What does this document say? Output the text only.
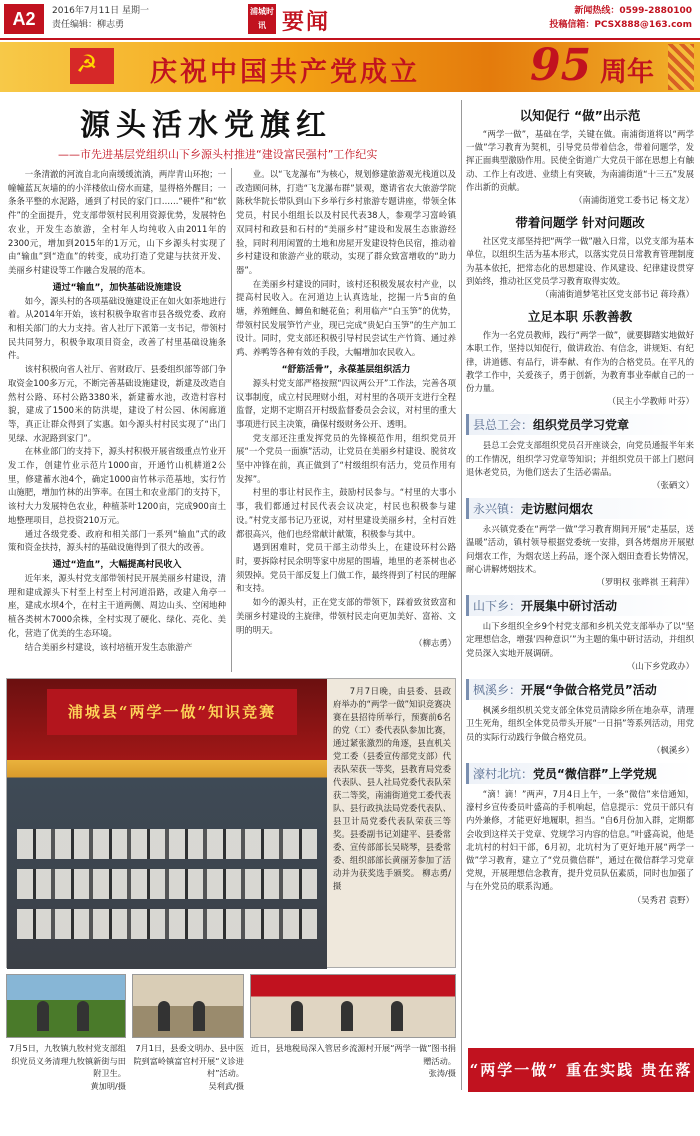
A2	2016年7月11日 星期一
责任编辑：柳志勇
浦城时讯 要闻	新闻热线：0599-2880100
投稿信箱：PCSX888@163.com
☭
庆祝中国共产党成立	95 周年
源头活水党旗红
——市先进基层党组织山下乡源头村推进“建设富民强村”工作纪实

一条清澈的河流自北向南缓缓流淌，两岸青山环抱；一幢幢蓝瓦灰墙的的小洋楼依山傍水而建，显得格外醒目；一条条平整的水泥路，通到了村民的家门口……“硬件”和“软件”的全面提升，党支部带领村民利用资源优势，发展特色农业，开发生态旅游，全村年人均纯收入由2011年的2300元，增加到2015年的1万元，山下乡源头村实现了由“输血”到“造血”的转变，成功打造了党建与扶贫开发、美丽乡村建设等工作融合发展的范本。

通过“输血”，加快基础设施建设

如今，源头村的各项基础设施建设正在如火如荼地进行着。从2014年开始，该村积极争取省市县各级党委、政府和相关部门的大力支持。省人社厅下派第一支书记，带领村民共同努力，积极争取项目资金，改善了村里基础设施条件。

该村积极向省人社厅、省财政厅、县委组织部等部门争取资金100多万元，不断完善基础设施建设，新建及改造自然村公路、环村公路3380米，新建蓄水池，改造村容村貌，建成了1500米的防洪堤，建设了村公园、休闲廊道等，真正让群众得到了实惠。如今源头村村民实现了“出门见绿、水泥路到家门”。

在林业部门的支持下，源头村积极开展省级重点竹业开发工作，创建竹业示范片1000亩，开通竹山机耕道2公里，修建蓄水池4个，确定1000亩竹林示范基地，实行竹山施肥，增加竹林的出笋率。在国土和农业部门的支持下，该村大力发展特色农业，种植茶叶1200亩，完成900亩土地整理项目，总投资210万元。

通过各级党委、政府和相关部门一系列“输血”式的政策和资金扶持，源头村的基础设施得到了很大的改善。

通过“造血”，大幅提高村民收入

近年来，源头村党支部带领村民开展美丽乡村建设，清理和建成源头下村至上村至上村河道沿路，改建入角亭一座，建成水坝4个，在村主干道两侧、周边山头、空闲地种植各类树木7000余株，全村实现了硬化、绿化、亮化、美化，营造了优美的生态环境。

结合美丽乡村建设，该村培植开发生态旅游产

业。以“飞龙瀑布”为核心，规划修建旅游观光栈道以及改造顾问林，打造“飞龙瀑布群”景观，邀请省农大旅游学院陈秋华院长带队到山下乡举行乡村旅游专题讲座，带领全体党员，村民小组组长以及村民代表38人，参观学习富岭镇双同村和政县和石村的“美丽乡村”建设和发展生态旅游经验，同时利用闲置的土地和房屋开发建设特色民宿，推动着乡村建设和旅游产业的联动，实现了群众致富增收的“助力器”。

在美丽乡村建设的同时，该村还积极发展农村产业，以提高村民收入。在河道边上认真选址，挖掘一片5亩的鱼塘，养殖鲤鱼、鲫鱼和鲢花鱼；利用临产“白玉笋”的优势，带领村民发展笋竹产业，现已完成“贵妃白玉笋”的生产加工设计。同时，党支部还积极引导村民尝试生产竹筒、通过养鸡、养鸭等各种有效的手段，大幅增加农民收入。

“舒筋活骨”，永葆基层组织活力

源头村党支部严格按照“四议两公开”工作法，完善各项议事制度，成立村民理财小组，对村里的各项开支进行全程监督，定期不定期召开村级监督委员会会议，对村里的重大事项进行民主决策，确保村级财务公开、透明。

党支部还注重发挥党员的先锋模范作用，组织党员开展“一个党员一面旗”活动，让党员在美丽乡村建设、脱贫攻坚中冲锋在前，真正做到了“村级组织有活力，党员作用有发挥”。

村里的事让村民作主，鼓励村民参与。“村里的大事小事，我们都通过村民代表会议决定，村民也积极参与建设。”村党支部书记乃亚说，对村里建设美丽乡村，全村百姓都很高兴，他们也经常献计献策，积极参与其中。

遇到困难时，党员干部主动带头上，在建设环村公路时，要拆除村民余明等家中房屋的围墙，地里的老茶树也必须毁掉。党员干部反复上门做工作，最终得到了村民的理解和支持。

如今的源头村，正在党支部的带领下，踩着致贫致富和美丽乡村建设的主旋律，带领村民走向更加美好、富裕、文明的明天。

（柳志勇）
浦城县“两学一做”知识竞赛
7月7日晚，由县委、县政府举办的“两学一做”知识竞赛决赛在县招待所举行，预赛前6名的党（工）委代表队参加比赛，通过紧张激烈的角逐，县直机关党工委（县委宣传部党支部）代表队荣获一等奖，县教育局党委代表队、县人社局党委代表队荣获二等奖，南浦街道党工委代表队、县行政执法局党委代表队、县卫计局党委代表队荣获三等奖。县委副书记刘建平、县委常委、宣传部部长吴晓琴，县委常委、组织部部长黄丽芳参加了活动并为获奖选手颁奖。 柳志勇/摄
7月5日，九牧镇九牧村党支部组织党员义务清理九牧镇新街与田附卫生。
黄加明/摄
7月1日，县委文明办、县中医院到富岭镇富官村开展“义诊进村”活动。
吴利武/摄
近日，县地税局深入管居乡流源村开展“两学一做”图书捐赠活动。
张涛/摄
以知促行 “做”出示范
“两学一做”，基础在学，关键在做。南浦街道将以“两学一做”学习教育为契机，引导党员带着信念，带着问题学，发挥正面典型激励作用。民使全街道广大党员干部在思想上有触动、工作上有改进、业绩上有突破，为南浦街道“十三五”发展作出新的贡献。
（南浦街道党工委书记 杨文龙）
带着问题学 针对问题改
社区党支部坚持把“两学一做”融入日常，以党支部为基本单位，以组织生活为基本形式，以落实党员日常教育管理制度为基本依托，把常态化的思想建设、作风建设、纪律建设贯穿到始终，推动社区党员学习教育取得实效。
（南浦街道梦笔社区党支部书记 蒋玲燕）
立足本职 乐教善教
作为一名党员教师，践行“两学一做”，就要脚踏实地做好本职工作，坚持以知促行，做讲政治、有信念，讲规矩、有纪律，讲道德、有品行，讲奉献、有作为的合格党员。在平凡的教学工作中，关爱孩子，勇于创新，为教育事业奉献自己的一份力量。
（民主小学教师 叶芬）
县总工会：组织党员学习党章
县总工会党支部组织党员召开座谈会，向党员通报半年来的工作情况，组织学习党章等知识；并组织党员干部上门慰问退休老党员，为他们送去了生活必需品。
（张硒文）
永兴镇：走访慰问烟农
永兴镇党委在“两学一做”学习教育期间开展“走基层，送温暖”活动，镇村领导根据党委统一安排，到各烤烟房开展慰问烟农工作，为烟农送上药品，逐个深入烟田查看长势情况，耐心讲解烤烟技术。
（罗明权 张晔祺 王莉萍）
山下乡：开展集中研讨活动
山下乡组织全乡9个村党支部和乡机关党支部举办了以“坚定理想信念，增强‘四种意识’”为主题的集中研讨活动，并组织党员深入实地开展调研。
（山下乡党政办）
枫溪乡：开展“争做合格党员”活动
枫溪乡组织机关党支部全体党员清除乡所在地杂草，清理卫生死角，组织全体党员带头开展“一日捐”等系列活动，用党员的实际行动践行争做合格党员。
（枫溪乡）
濠村北坑：党员“微信群”上学党规
“滴！滴！”两声，7月4日上午，一条“微信”来信通知，濠村乡宣传委员叶盛高的手机响起，信息提示：党员干部只有内外兼修，才能更好地履职，担当。“自6月份加入群，定期都会收到这样关于党章、党规学习内容的信息。”叶盛高说，他是北坑村的村妇干部，6月初，北坑村为了更好地开展“两学一做”学习教育，建立了“党员微信群”，通过在微信群学习党章党规，开展理想信念教育，提升党员队伍素质，同时也加强了与在外党员的联系沟通。
（吴秀君 袁野）
“两学一做” 重在实践 贵在落实
